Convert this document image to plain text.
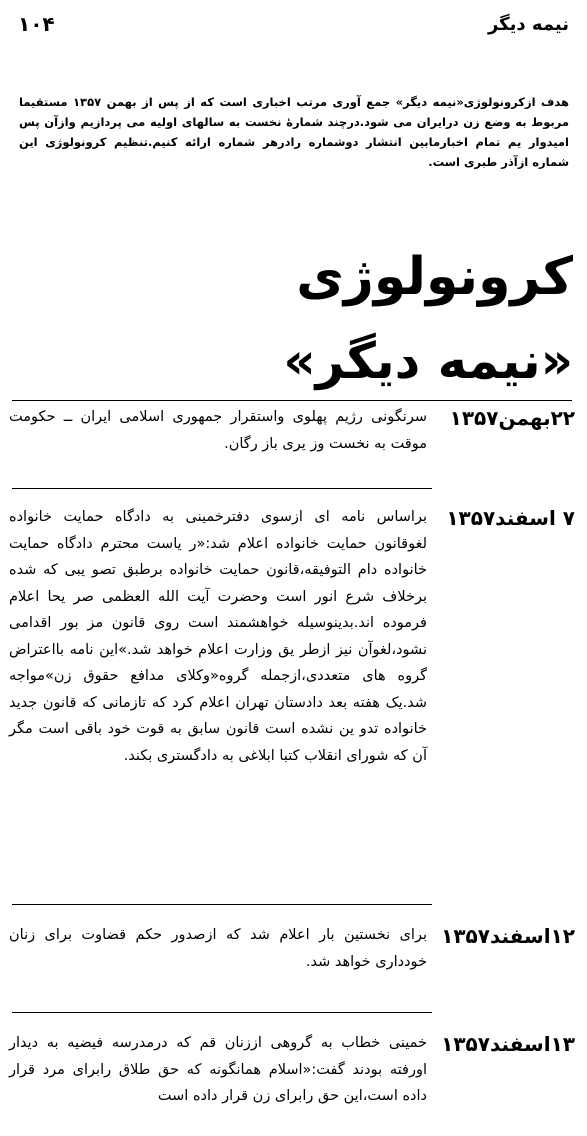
۱۰۴	نیمه دیگر
هدف ازکرونولوژی«نیمه دیگر» جمع آوری مرتب اخباری است که از پس از بهمن ۱۳۵۷ مستقیما مربوط به وضع زن درایران می شود.درچند شمارهٔ نخست به سالهای اولیه می پردازیم وازآن پس امیدوار یم تمام اخبارمابین انتشار دوشماره رادرهر شماره ارائه کنیم.تنظیم کرونولوژی این شماره ازآذر طبری است.
کرونولوژی
«نیمه دیگر»
۲۲بهمن۱۳۵۷
سرنگونی رژیم پهلوی واستقرار جمهوری اسلامی ایران ــ حکومت موقت به نخست وز یری باز رگان.
۷ اسفند۱۳۵۷
براساس نامه ای ازسوی دفترخمینی به دادگاه حمایت خانواده لغوقانون حمایت خانواده اعلام شد:«ر یاست محترم دادگاه حمایت خانواده دام التوفیقه،قانون حمایت خانواده برطبق تصو یبی که شده برخلاف شرع انور است وحضرت آیت الله العظمی صر یحا اعلام فرموده اند.بدینوسیله خواهشمند است روی قانون مز بور اقدامی نشود،لغوآن نیز ازطر یق وزارت اعلام خواهد شد.»این نامه بااعتراض گروه های متعددی،ازجمله گروه«وکلای مدافع حقوق زن»مواجه شد.یک هفته بعد دادستان تهران اعلام کرد که تازمانی که قانون جدید خانواده تدو ین نشده است قانون سابق به قوت خود باقی است مگر آن که شورای انقلاب کتبا ابلاغی به دادگستری بکند.
۱۲اسفند۱۳۵۷
برای نخستین بار اعلام شد که ازصدور حکم قضاوت برای زنان خودداری خواهد شد.
۱۳اسفند۱۳۵۷
خمینی خطاب به گروهی اززنان قم که درمدرسه فیضیه به دیدار اورفته بودند گفت:«اسلام همانگونه که حق طلاق رابرای مرد قرار داده است،این حق رابرای زن قرار داده است
